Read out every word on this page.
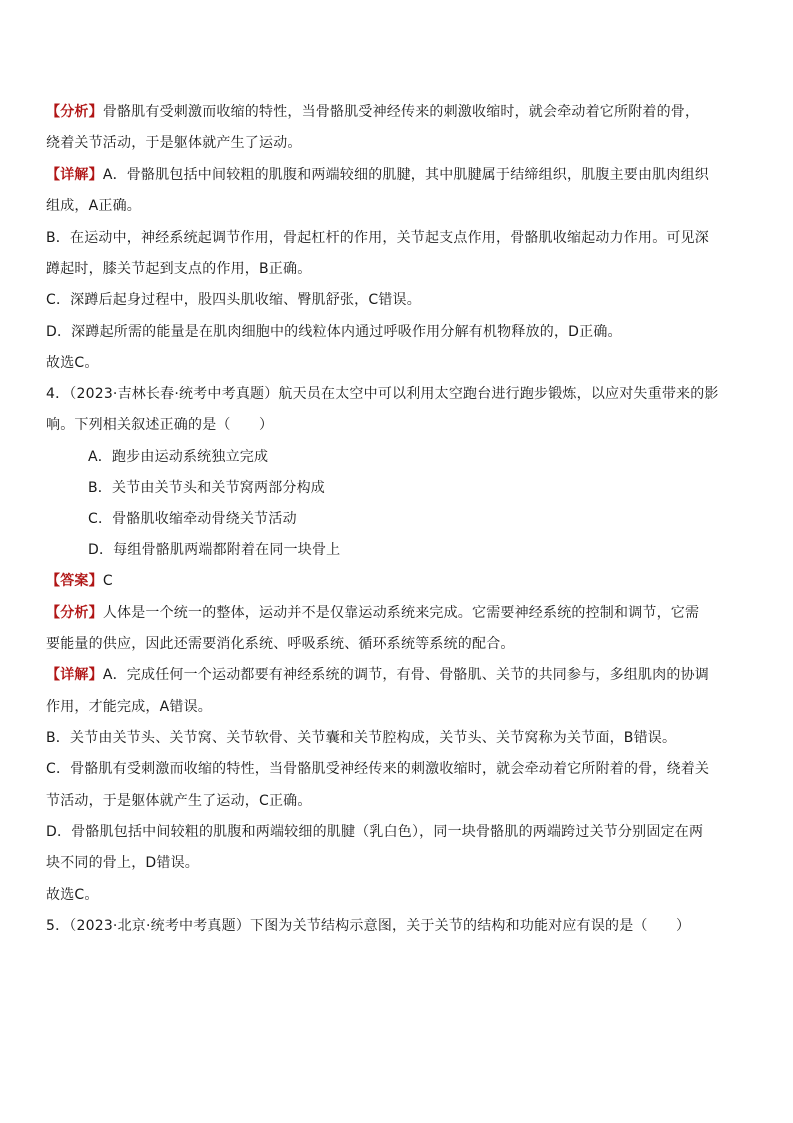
【分析】骨骼肌有受刺激而收缩的特性，当骨骼肌受神经传来的刺激收缩时，就会牵动着它所附着的骨，
绕着关节活动，于是躯体就产生了运动。
【详解】A．骨骼肌包括中间较粗的肌腹和两端较细的肌腱，其中肌腱属于结缔组织，肌腹主要由肌肉组织
组成，A正确。
B．在运动中，神经系统起调节作用，骨起杠杆的作用，关节起支点作用，骨骼肌收缩起动力作用。可见深
蹲起时，膝关节起到支点的作用，B正确。
C．深蹲后起身过程中，股四头肌收缩、臀肌舒张，C错误。
D．深蹲起所需的能量是在肌肉细胞中的线粒体内通过呼吸作用分解有机物释放的，D正确。
故选C。
4．（2023·吉林长春·统考中考真题）航天员在太空中可以利用太空跑台进行跑步锻炼，以应对失重带来的影
响。下列相关叙述正确的是（　　）
A．跑步由运动系统独立完成
B．关节由关节头和关节窝两部分构成
C．骨骼肌收缩牵动骨绕关节活动
D．每组骨骼肌两端都附着在同一块骨上
【答案】C
【分析】人体是一个统一的整体，运动并不是仅靠运动系统来完成。它需要神经系统的控制和调节，它需
要能量的供应，因此还需要消化系统、呼吸系统、循环系统等系统的配合。
【详解】A．完成任何一个运动都要有神经系统的调节，有骨、骨骼肌、关节的共同参与，多组肌肉的协调
作用，才能完成，A错误。
B．关节由关节头、关节窝、关节软骨、关节囊和关节腔构成，关节头、关节窝称为关节面，B错误。
C．骨骼肌有受刺激而收缩的特性，当骨骼肌受神经传来的刺激收缩时，就会牵动着它所附着的骨，绕着关
节活动，于是躯体就产生了运动，C正确。
D．骨骼肌包括中间较粗的肌腹和两端较细的肌腱（乳白色），同一块骨骼肌的两端跨过关节分别固定在两
块不同的骨上，D错误。
故选C。
5．（2023·北京·统考中考真题）下图为关节结构示意图，关于关节的结构和功能对应有误的是（　　）
